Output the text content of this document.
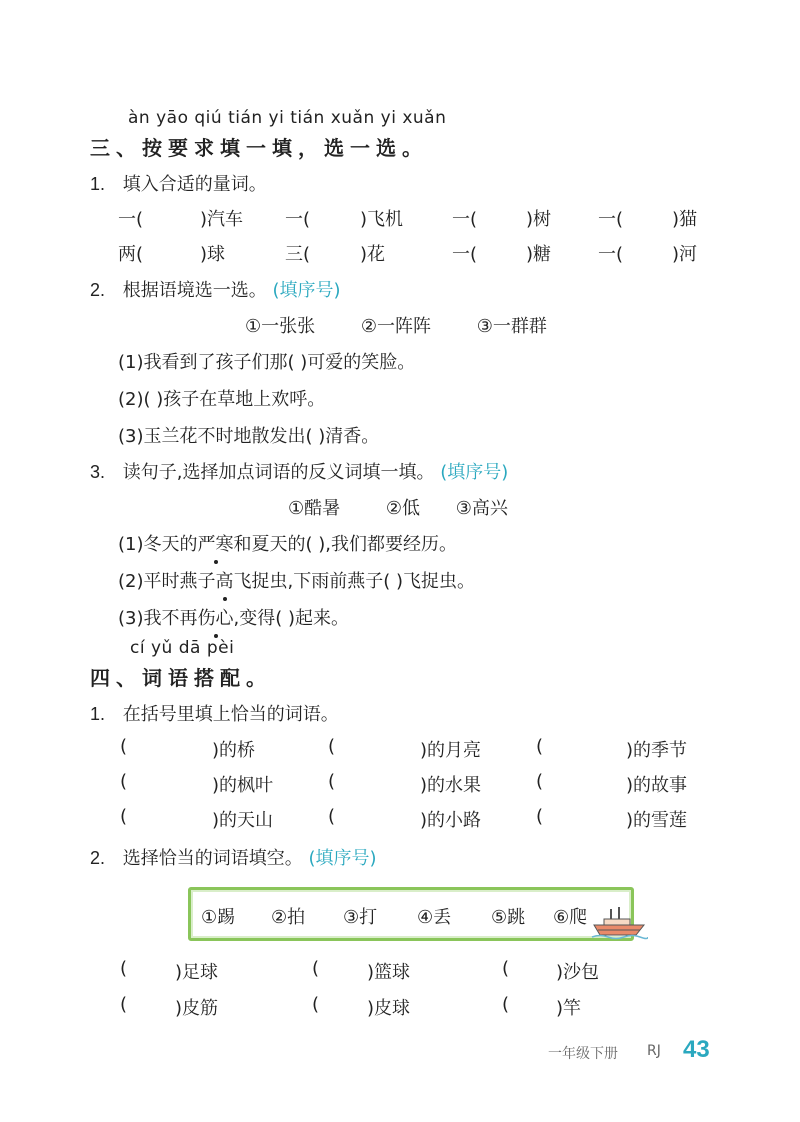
àn yāo qiú tián yi tián xuǎn yi xuǎn
三、按要求填一填，选一选。
1. 填入合适的量词。
一(	)汽车 一(	)飞机	一(	)树	一(	)猫
两(	)球	三(	)花	一(	)糖	一(	)河
2. 根据语境选一选。 (填序号)
①一张张	②一阵阵	③一群群
(1)我看到了孩子们那( )可爱的笑脸。
(2)( )孩子在草地上欢呼。
(3)玉兰花不时地散发出( )清香。
3. 读句子,选择加点词语的反义词填一填。 (填序号)
①酷暑	②低 ③高兴
(1)冬天的严寒和夏天的( ),我们都要经历。
(2)平时燕子高飞捉虫,下雨前燕子( )飞捉虫。
(3)我不再伤心,变得( )起来。
cí yǔ dā pèi
四、词语搭配。
1. 在括号里填上恰当的词语。
(	)的桥	(	)的月亮	(	)的季节
(	)的枫叶	(	)的水果	(	)的故事
(	)的天山	(	)的小路	(	)的雪莲
2. 选择恰当的词语填空。 (填序号)
①踢 ②拍 ③打 ④丢 ⑤跳 ⑥爬
(	)足球	(	)篮球	(	)沙包
(	)皮筋	(	)皮球	(	)竿
一年级下册 RJ 43
